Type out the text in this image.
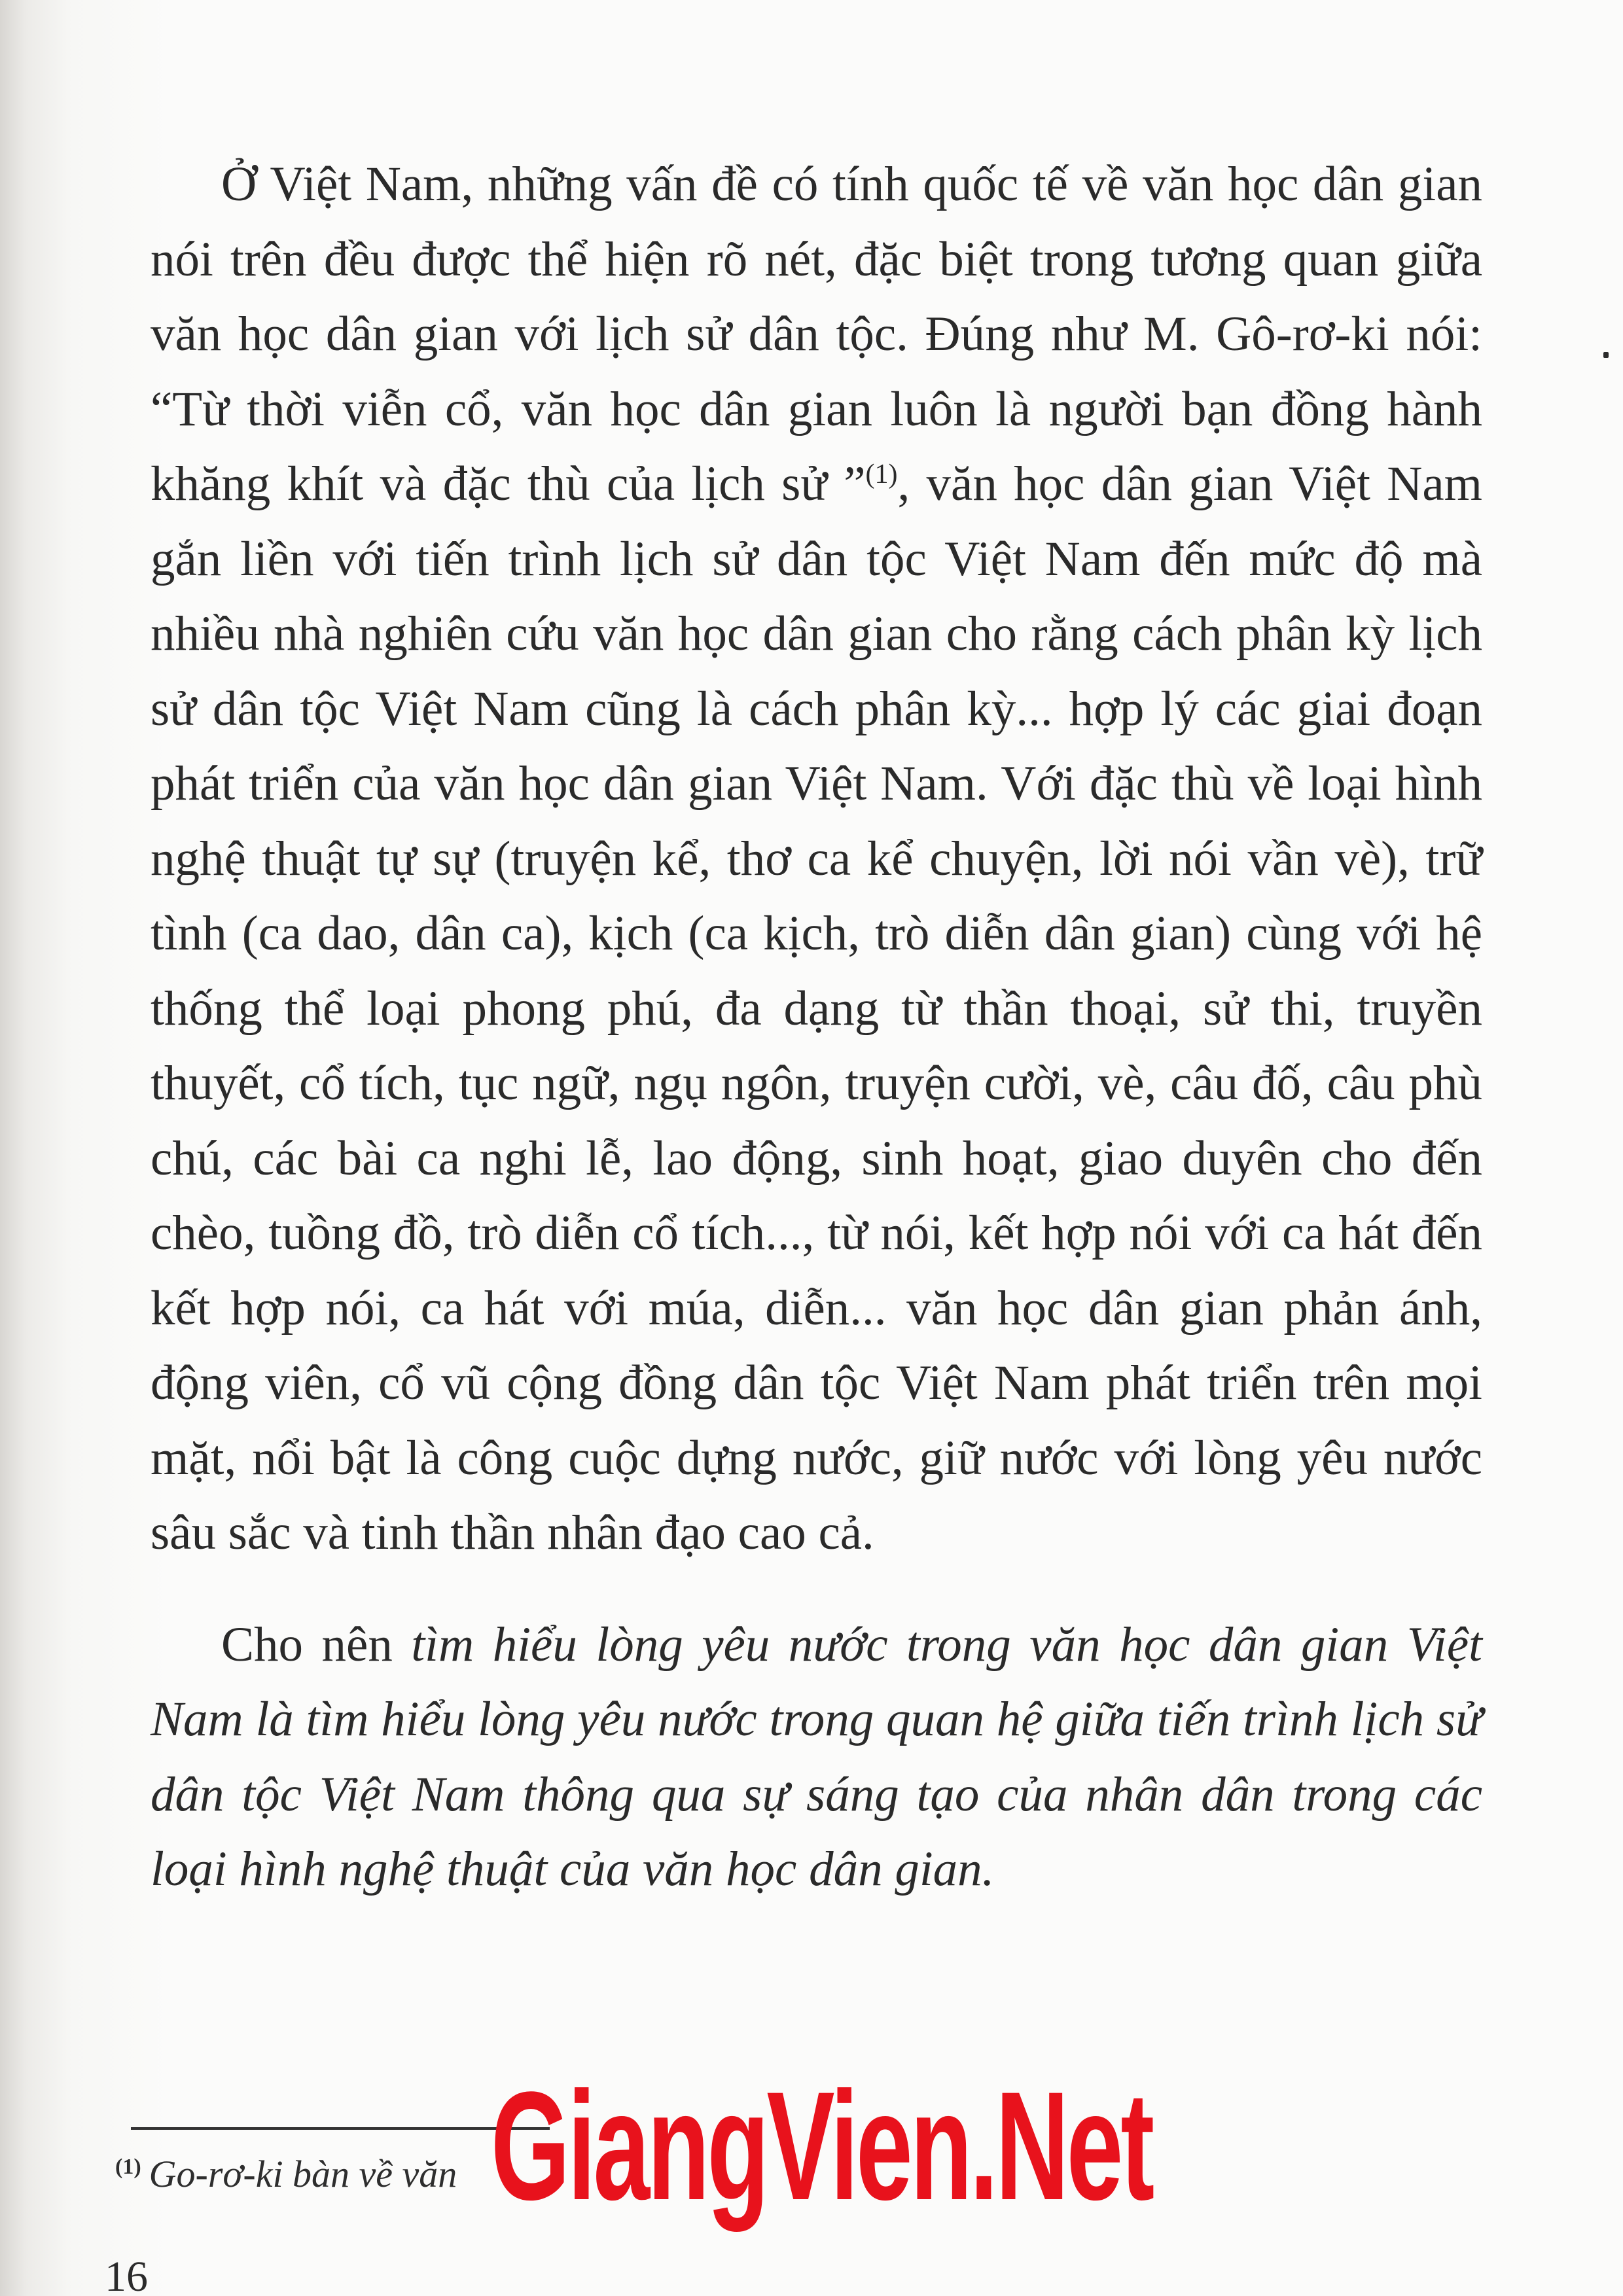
Ở Việt Nam, những vấn đề có tính quốc tế về văn học dân gian nói trên đều được thể hiện rõ nét, đặc biệt trong tương quan giữa văn học dân gian với lịch sử dân tộc. Đúng như M. Gô-rơ-ki nói: “Từ thời viễn cổ, văn học dân gian luôn là người bạn đồng hành khăng khít và đặc thù của lịch sử ”$^{(1)}$, văn học dân gian Việt Nam gắn liền với tiến trình lịch sử dân tộc Việt Nam đến mức độ mà nhiều nhà nghiên cứu văn học dân gian cho rằng cách phân kỳ lịch sử dân tộc Việt Nam cũng là cách phân kỳ... hợp lý các giai đoạn phát triển của văn học dân gian Việt Nam. Với đặc thù về loại hình nghệ thuật tự sự (truyện kể, thơ ca kể chuyện, lời nói vần vè), trữ tình (ca dao, dân ca), kịch (ca kịch, trò diễn dân gian) cùng với hệ thống thể loại phong phú, đa dạng từ thần thoại, sử thi, truyền thuyết, cổ tích, tục ngữ, ngụ ngôn, truyện cười, vè, câu đố, câu phù chú, các bài ca nghi lễ, lao động, sinh hoạt, giao duyên cho đến chèo, tuồng đồ, trò diễn cổ tích..., từ nói, kết hợp nói với ca hát đến kết hợp nói, ca hát với múa, diễn... văn học dân gian phản ánh, động viên, cổ vũ cộng đồng dân tộc Việt Nam phát triển trên mọi mặt, nổi bật là công cuộc dựng nước, giữ nước với lòng yêu nước sâu sắc và tinh thần nhân đạo cao cả.

Cho nên tìm hiểu lòng yêu nước trong văn học dân gian Việt Nam là tìm hiểu lòng yêu nước trong quan hệ giữa tiến trình lịch sử dân tộc Việt Nam thông qua sự sáng tạo của nhân dân trong các loại hình nghệ thuật của văn học dân gian.

$^{(1)}$ Go-rơ-ki bàn về văn GiangVien.Net
16
